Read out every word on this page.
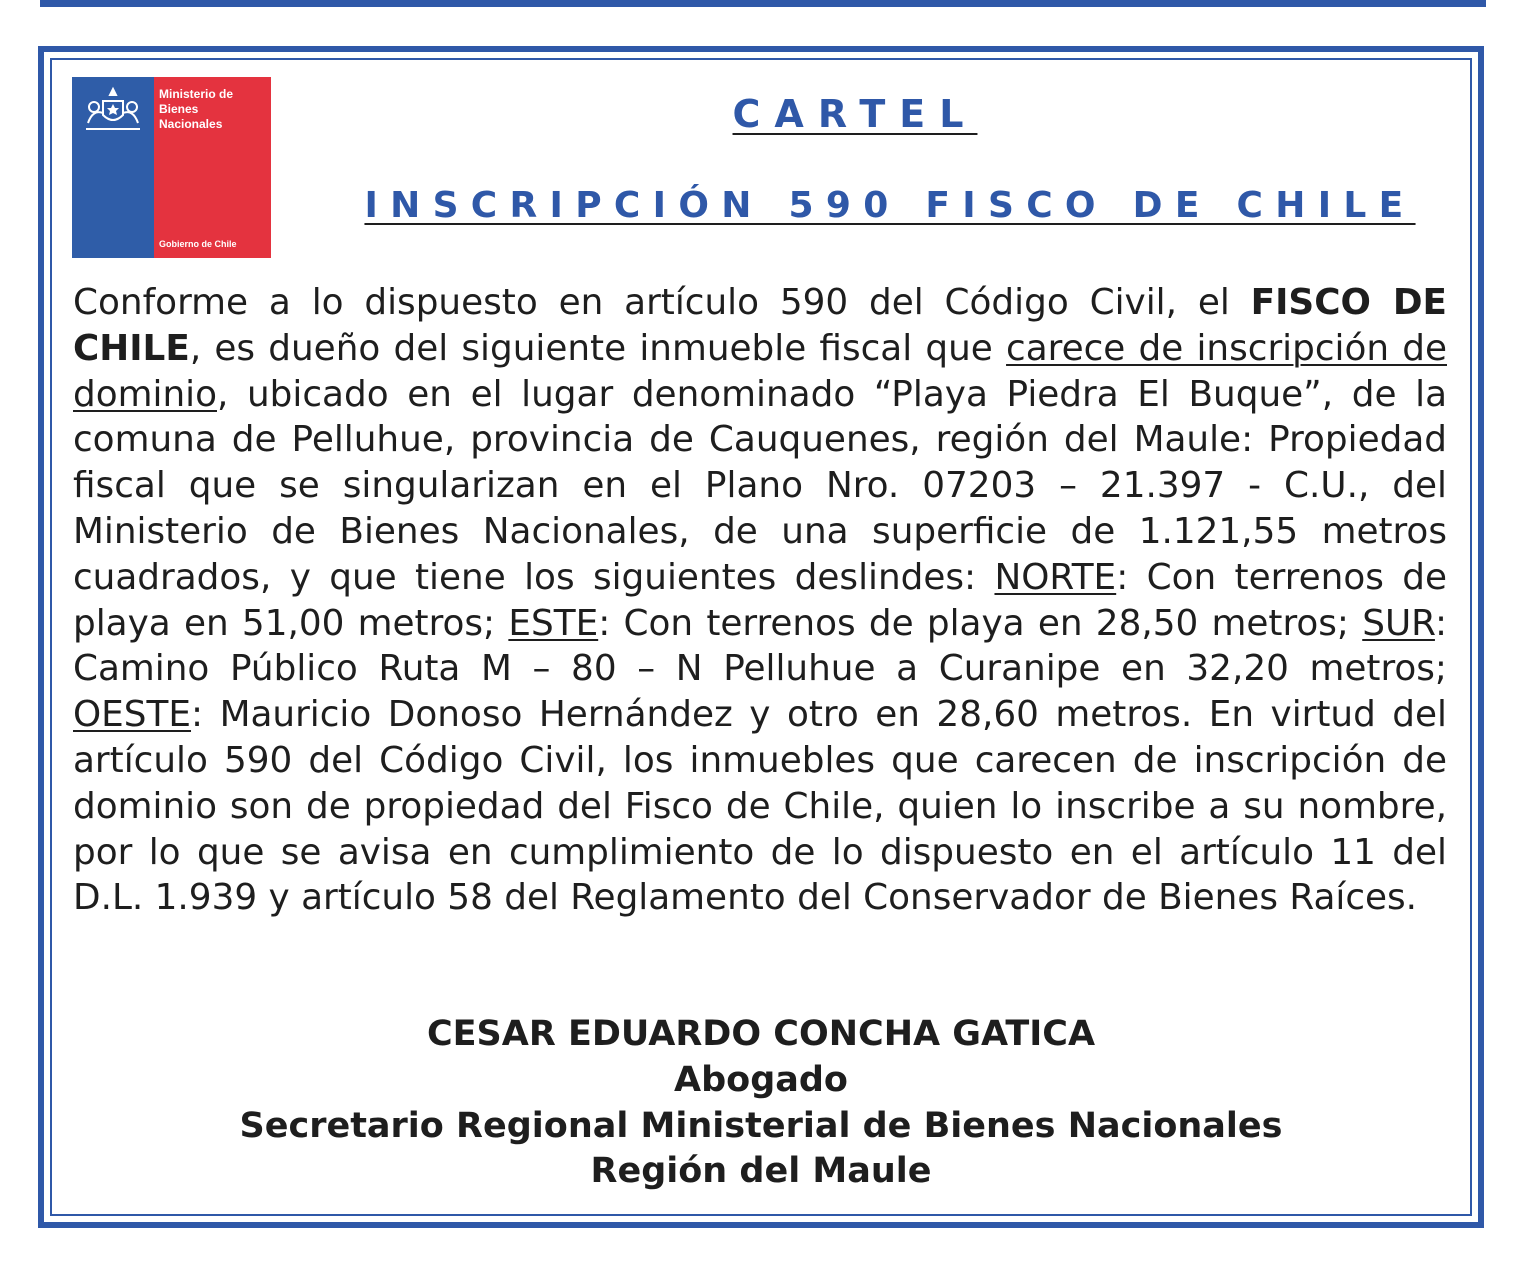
Ministerio de
Bienes
Nacionales
Gobierno de Chile
CARTEL
INSCRIPCIÓN 590 FISCO DE CHILE

Conforme a lo dispuesto en artículo 590 del Código Civil, el FISCO DE CHILE, es dueño del siguiente inmueble fiscal que carece de inscripción de dominio, ubicado en el lugar denominado “Playa Piedra El Buque”, de la comuna de Pelluhue, provincia de Cauquenes, región del Maule: Propiedad fiscal que se singularizan en el Plano Nro. 07203 – 21.397 - C.U., del Ministerio de Bienes Nacionales, de una superficie de 1.121,55 metros cuadrados, y que tiene los siguientes deslindes: NORTE: Con terrenos de playa en 51,00 metros; ESTE: Con terrenos de playa en 28,50 metros; SUR: Camino Público Ruta M – 80 – N Pelluhue a Curanipe en 32,20 metros; OESTE: Mauricio Donoso Hernández y otro en 28,60 metros. En virtud del artículo 590 del Código Civil, los inmuebles que carecen de inscripción de dominio son de propiedad del Fisco de Chile, quien lo inscribe a su nombre, por lo que se avisa en cumplimiento de lo dispuesto en el artículo 11 del D.L. 1.939 y artículo 58 del Reglamento del Conservador de Bienes Raíces.

CESAR EDUARDO CONCHA GATICA
Abogado
Secretario Regional Ministerial de Bienes Nacionales
Región del Maule
